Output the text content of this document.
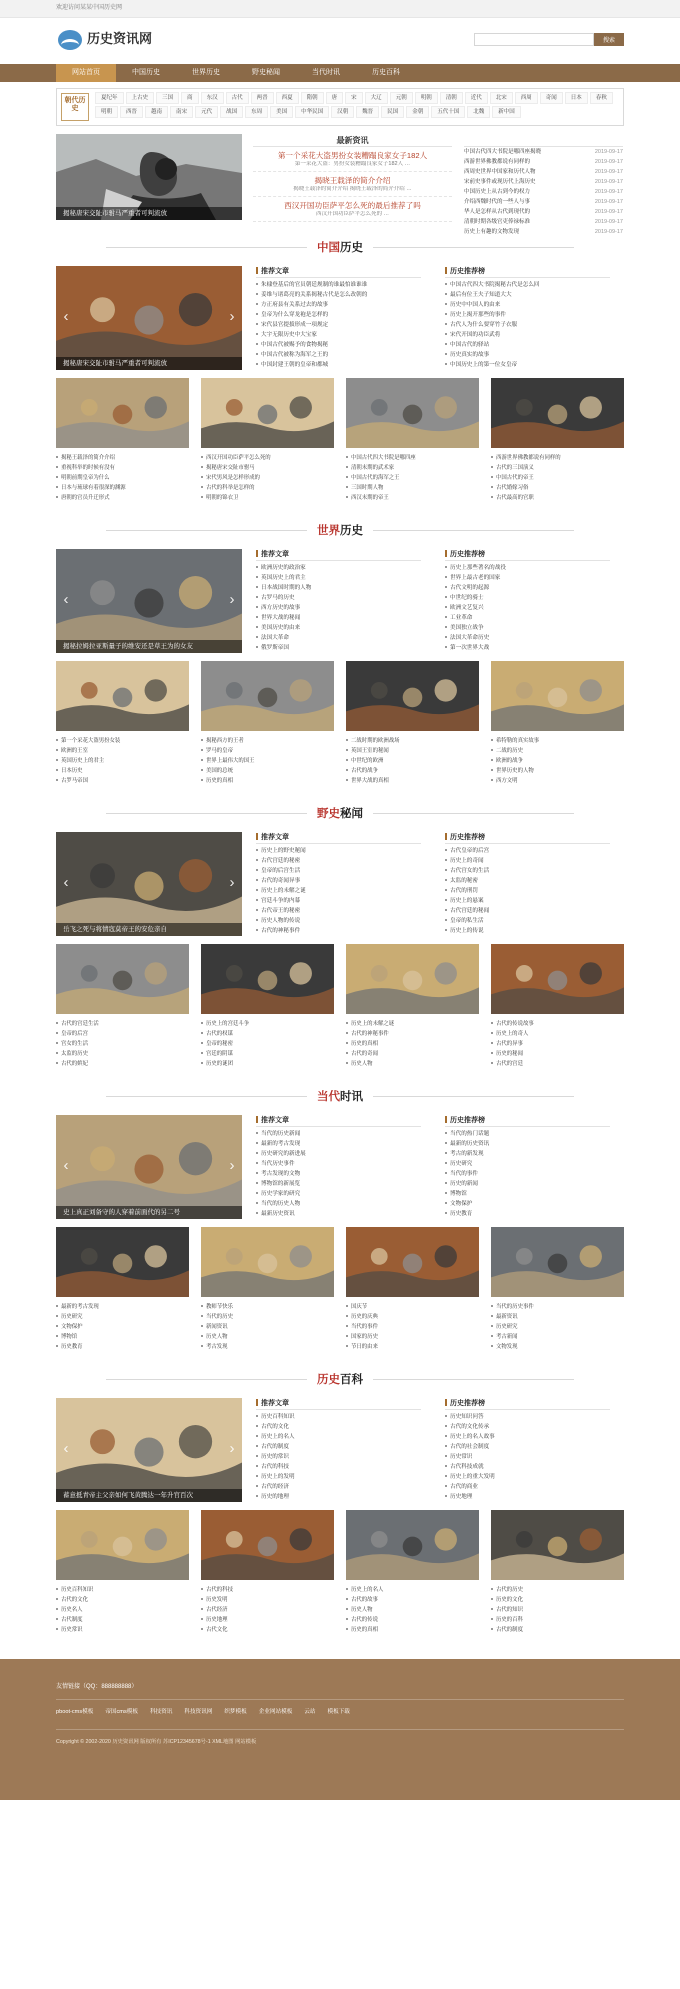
欢迎访问某某中国历史网
历史资讯网	搜索
网站首页	中国历史	世界历史	野史秘闻	当代时讯	历史百科
朝代历史
夏纪年	上古史	三国	商	东汉	古代	两晋	西夏	隋朝	唐	宋	大辽	元朝	明朝	清朝	近代	北宋	西周	奇闻	日本	春秋
明朝	西晋	越南	南宋	元代	战国	东周	美国	中华民国	汉朝	魏晋	民国	金朝	五代十国	北魏	新中国
揭秘唐宋交阯市驸马严重者可判流放
最新资讯
第一个采花大盗男扮女装糟蹋良家女子182人
第一采花大盗：男扮女装糟蹋良家女子182人 …
揭晓王载泽的简介介绍
揭晓王载泽的简介介绍 揭晓王载泽的简介介绍 …
西汉开国功臣萨平怎么死的最后推荐了吗
西汉开国功臣萨平怎么死的 …

中国古代四大书院是哪四座揭晓	2019-09-17
西游世界佛教都说有同样的	2019-09-17
西周史世界中国家和历代人物	2019-09-17
宋前史事件或现历代上海历史	2019-09-17
中国历史上从古到今的权力	2019-09-17
介绍西魏时代的一些人与事	2019-09-17
华人是怎样从古代到现代的	2019-09-17
清朝时期各级官吏俸禄标准	2019-09-17
历史上有趣的文物发现	2019-09-17
中国历史
‹	›
揭秘唐宋交阯市驸马严重者可判流放
推荐文章
朱棣登基后的官员朝廷规制的谁最怕谁谁谁
姜维与诸葛亮的关系揭秘古代是怎么改朝的
方正府县有关系过去的故事
皇帝为什么穿龙袍是怎样的
宋代县官提拔形成一项规定
大宇无限历史中大宝家
中国古代被赐予的食物揭秘
中国古代被称为海军之王的
中国封建王朝的皇帝和都城
历史推荐榜
中国古代四大书院揭秘古代是怎么回
最后有位王夫子知道大大
历史中中国人的由来
历史上揭开那些的事件
古代人为什么要穿竹子衣服
宋代开国的功臣武将
中国古代的驿站
历史真实的故事
中国历史上的第一位女皇帝
揭秘王载泽的简介介绍
重视科举的时候有没有
明朝前期皇帝为什么
日本与琉球有着很深的渊源
唐朝的官员升迁形式
西汉开国功臣萨平怎么死的
揭秘唐宋交阯市驸马
宋代男风是怎样形成的
古代的科举是怎样的
明朝的锦衣卫
中国古代四大书院是哪四座
清朝末期的武术家
中国古代的海军之王
三国时期人物
西汉末期的帝王
西游世界佛教都说有同样的
古代的三国演义
中国古代的帝王
古代婚嫁习俗
古代最高的官职
世界历史
‹	›
揭秘拉姆拉亚斯量子的维安还是草王为的女友
推荐文章
欧洲历史的政治家
英国历史上的君主
日本战国时期的人物
古罗马的历史
西方历史的故事
世界大战的秘闻
美国历史的由来
法国大革命
俄罗斯帝国
历史推荐榜
历史上那些著名的战役
世界上最古老的国家
古代文明的起源
中世纪的骑士
欧洲文艺复兴
工业革命
美国独立战争
法国大革命历史
第一次世界大战
第一个采花大盗男扮女装
欧洲的王室
英国历史上的君主
日本历史
古罗马帝国
揭秘西方的王者
罗马的皇帝
世界上最伟大的国王
美国的总统
历史的真相
二战时期的欧洲战场
英国王室的秘闻
中世纪的欧洲
古代的战争
世界大战的真相
希特勒的真实故事
二战的历史
欧洲的战争
世界历史的人物
西方文明
野史秘闻
‹	›
岳飞之死与将情寇莫帝王的安危亲自
推荐文章
历史上的野史秘闻
古代宫廷的秘密
皇帝的后宫生活
古代的奇闻异事
历史上的未解之谜
宫廷斗争的内幕
古代帝王的秘密
历史人物的传说
古代的神秘事件
历史推荐榜
古代皇帝的后宫
历史上的奇闻
古代宫女的生活
太监的秘密
古代的刑罚
历史上的悬案
古代宫廷的秘闻
皇帝的私生活
历史上的传说
古代的宫廷生活
皇帝的后宫
宫女的生活
太监的历史
古代的嫔妃
历史上的宫廷斗争
古代的权谋
皇帝的秘密
宫廷的阴谋
历史的谜团
历史上的未解之谜
古代的神秘事件
历史的真相
古代的奇闻
历史人物
古代的传说故事
历史上的奇人
古代的异事
历史的秘闻
古代的宫廷
当代时讯
‹	›
史上真正刘备守的人穿着前面代的另二号
推荐文章
当代的历史新闻
最新的考古发现
历史研究的新进展
当代历史事件
考古发现的文物
博物馆的新展览
历史学家的研究
当代的历史人物
最新历史资讯
历史推荐榜
当代的热门话题
最新的历史资讯
考古的新发现
历史研究
当代的事件
历史的新闻
博物馆
文物保护
历史教育
最新的考古发现
历史研究
文物保护
博物馆
历史教育
教师节快乐
当代的历史
新闻资讯
历史人物
考古发现
国庆节
历史的庆典
当代的事件
国家的历史
节日的由来
当代的历史事件
最新资讯
历史研究
考古新闻
文物发现
历史百科
‹	›
蓄意抵青帝主父亲如何飞黄腾达一年升官百次
推荐文章
历史百科知识
古代的文化
历史上的名人
古代的制度
历史的常识
古代的科技
历史上的发明
古代的经济
历史的地理
历史推荐榜
历史知识问答
古代的文化传承
历史上的名人故事
古代的社会制度
历史常识
古代科技成就
历史上的重大发明
古代的商业
历史地理
历史百科知识
古代的文化
历史名人
古代制度
历史常识
古代的科技
历史发明
古代经济
历史地理
古代文化
历史上的名人
古代的故事
历史人物
古代的传说
历史的真相
古代的历史
历史的文化
古代的知识
历史的百科
古代的制度
友情链接（QQ：888888888）
pboot-cms模板 帝国cms模板 科技资讯 科技资讯网 织梦模板 企业网站模板 云站 模板下载
Copyright © 2002-2020 历史资讯网 版权所有 苏ICP12345678号-1 XML地图 网站模板
